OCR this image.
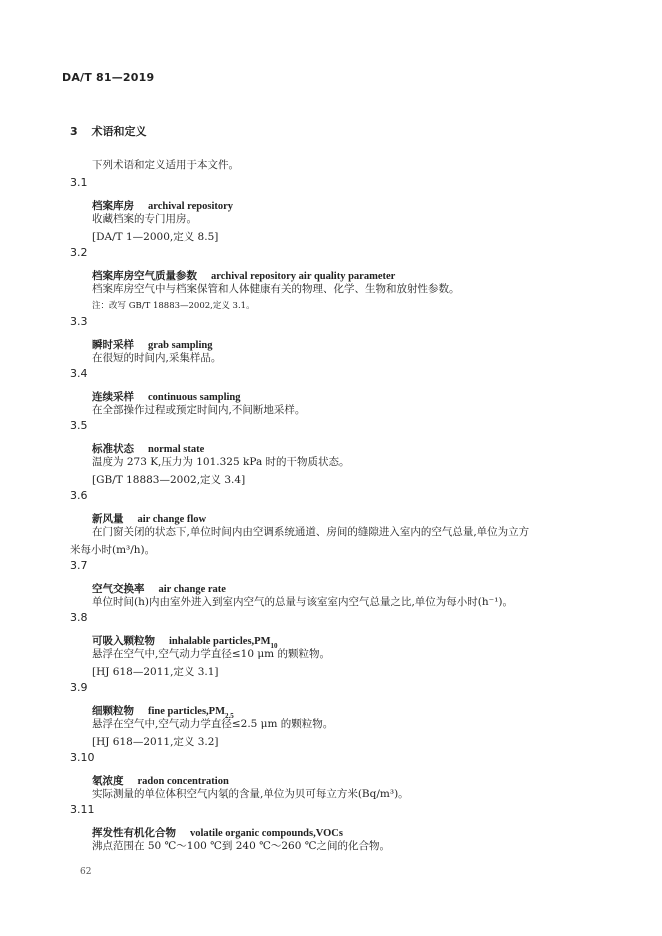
DA/T 81—2019
3 术语和定义
下列术语和定义适用于本文件。
3.1
档案库房 archival repository
收藏档案的专门用房。
[DA/T 1—2000,定义 8.5]
3.2
档案库房空气质量参数 archival repository air quality parameter
档案库房空气中与档案保管和人体健康有关的物理、化学、生物和放射性参数。
注：改写 GB/T 18883—2002,定义 3.1。
3.3
瞬时采样 grab sampling
在很短的时间内,采集样品。
3.4
连续采样 continuous sampling
在全部操作过程或预定时间内,不间断地采样。
3.5
标准状态 normal state
温度为 273 K,压力为 101.325 kPa 时的干物质状态。
[GB/T 18883—2002,定义 3.4]
3.6
新风量 air change flow
在门窗关闭的状态下,单位时间内由空调系统通道、房间的缝隙进入室内的空气总量,单位为立方
米每小时(m³/h)。
3.7
空气交换率 air change rate
单位时间(h)内由室外进入到室内空气的总量与该室室内空气总量之比,单位为每小时(h⁻¹)。
3.8
可吸入颗粒物 inhalable $particles,PM_{10}$
悬浮在空气中,空气动力学直径≤10 μm 的颗粒物。
[HJ 618—2011,定义 3.1]
3.9
细颗粒物 fine $particles,PM_{2.5}$
悬浮在空气中,空气动力学直径≤2.5 μm 的颗粒物。
[HJ 618—2011,定义 3.2]
3.10
氡浓度 radon concentration
实际测量的单位体积空气内氡的含量,单位为贝可每立方米(Bq/m³)。
3.11
挥发性有机化合物 volatile organic compounds,VOCs
沸点范围在 50 ℃～100 ℃到 240 ℃～260 ℃之间的化合物。
62
